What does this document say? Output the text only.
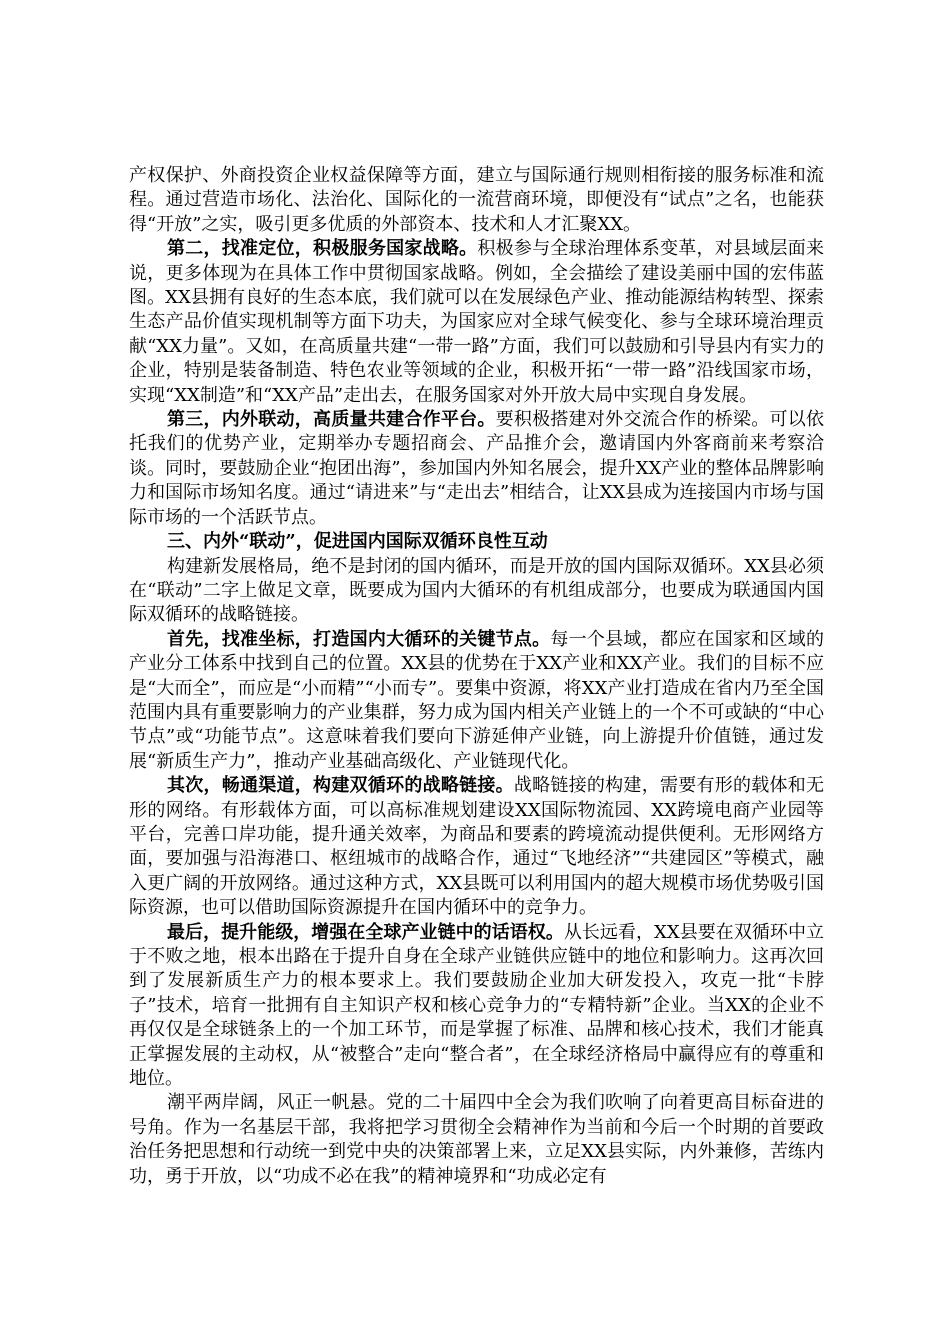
产权保护、外商投资企业权益保障等方面，建立与国际通行规则相衔接的服务标准和流程。通过营造市场化、法治化、国际化的一流营商环境，即便没有“试点”之名，也能获得“开放”之实，吸引更多优质的外部资本、技术和人才汇聚XX。

第二，找准定位，积极服务国家战略。积极参与全球治理体系变革，对县域层面来说，更多体现为在具体工作中贯彻国家战略。例如，全会描绘了建设美丽中国的宏伟蓝图。XX县拥有良好的生态本底，我们就可以在发展绿色产业、推动能源结构转型、探索生态产品价值实现机制等方面下功夫，为国家应对全球气候变化、参与全球环境治理贡献“XX力量”。又如，在高质量共建“一带一路”方面，我们可以鼓励和引导县内有实力的企业，特别是装备制造、特色农业等领域的企业，积极开拓“一带一路”沿线国家市场，实现“XX制造”和“XX产品”走出去，在服务国家对外开放大局中实现自身发展。

第三，内外联动，高质量共建合作平台。要积极搭建对外交流合作的桥梁。可以依托我们的优势产业，定期举办专题招商会、产品推介会，邀请国内外客商前来考察洽谈。同时，要鼓励企业“抱团出海”，参加国内外知名展会，提升XX产业的整体品牌影响力和国际市场知名度。通过“请进来”与“走出去”相结合，让XX县成为连接国内市场与国际市场的一个活跃节点。

三、内外“联动”，促进国内国际双循环良性互动

构建新发展格局，绝不是封闭的国内循环，而是开放的国内国际双循环。XX县必须在“联动”二字上做足文章，既要成为国内大循环的有机组成部分，也要成为联通国内国际双循环的战略链接。

首先，找准坐标，打造国内大循环的关键节点。每一个县域，都应在国家和区域的产业分工体系中找到自己的位置。XX县的优势在于XX产业和XX产业。我们的目标不应是“大而全”，而应是“小而精”“小而专”。要集中资源，将XX产业打造成在省内乃至全国范围内具有重要影响力的产业集群，努力成为国内相关产业链上的一个不可或缺的“中心节点”或“功能节点”。这意味着我们要向下游延伸产业链，向上游提升价值链，通过发展“新质生产力”，推动产业基础高级化、产业链现代化。

其次，畅通渠道，构建双循环的战略链接。战略链接的构建，需要有形的载体和无形的网络。有形载体方面，可以高标准规划建设XX国际物流园、XX跨境电商产业园等平台，完善口岸功能，提升通关效率，为商品和要素的跨境流动提供便利。无形网络方面，要加强与沿海港口、枢纽城市的战略合作，通过“飞地经济”“共建园区”等模式，融入更广阔的开放网络。通过这种方式，XX县既可以利用国内的超大规模市场优势吸引国际资源，也可以借助国际资源提升在国内循环中的竞争力。

最后，提升能级，增强在全球产业链中的话语权。从长远看，XX县要在双循环中立于不败之地，根本出路在于提升自身在全球产业链供应链中的地位和影响力。这再次回到了发展新质生产力的根本要求上。我们要鼓励企业加大研发投入，攻克一批“卡脖子”技术，培育一批拥有自主知识产权和核心竞争力的“专精特新”企业。当XX的企业不再仅仅是全球链条上的一个加工环节，而是掌握了标准、品牌和核心技术，我们才能真正掌握发展的主动权，从“被整合”走向“整合者”，在全球经济格局中赢得应有的尊重和地位。

潮平两岸阔，风正一帆悬。党的二十届四中全会为我们吹响了向着更高目标奋进的号角。作为一名基层干部，我将把学习贯彻全会精神作为当前和今后一个时期的首要政治任务把思想和行动统一到党中央的决策部署上来，立足XX县实际，内外兼修，苦练内功，勇于开放，以“功成不必在我”的精神境界和“功成必定有
